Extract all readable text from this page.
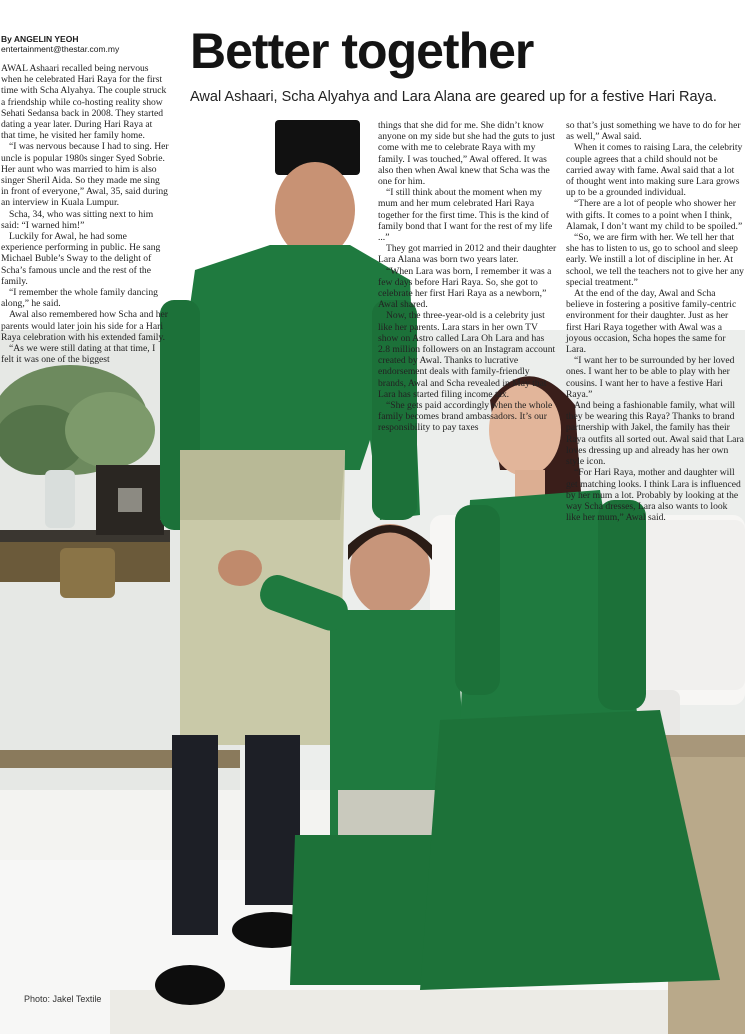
By ANGELIN YEOH
entertainment@thestar.com.my	Better together

Awal Ashaari, Scha Alyahya and Lara Alana are geared up for a festive Hari Raya.

AWAL Ashaari recalled being nervous when he celebrated Hari Raya for the first time with Scha Alyahya. The couple struck a friendship while co-hosting reality show Sehati Sedansa back in 2008. They started dating a year later. During Hari Raya at that time, he visited her family home.

“I was nervous because I had to sing. Her uncle is popular 1980s singer Syed Sobrie. Her aunt who was married to him is also singer Sheril Aida. So they made me sing in front of everyone,” Awal, 35, said during an interview in Kuala Lumpur.

Scha, 34, who was sitting next to him said: “I warned him!”

Luckily for Awal, he had some experience performing in public. He sang Michael Buble’s Sway to the delight of Scha’s famous uncle and the rest of the family.

“I remember the whole family dancing along,” he said.

Awal also remembered how Scha and her parents would later join his side for a Hari Raya celebration with his extended family.

“As we were still dating at that time, I felt it was one of the biggest

things that she did for me. She didn’t know anyone on my side but she had the guts to just come with me to celebrate Raya with my family. I was touched,” Awal offered. It was also then when Awal knew that Scha was the one for him.

“I still think about the moment when my mum and her mum celebrated Hari Raya together for the first time. This is the kind of family bond that I want for the rest of my life ...”

They got married in 2012 and their daughter Lara Alana was born two years later.

“When Lara was born, I remember it was a few days before Hari Raya. So, she got to celebrate her first Hari Raya as a newborn,” Awal shared.

Now, the three-year-old is a celebrity just like her parents. Lara stars in her own TV show on Astro called Lara Oh Lara and has 2.8 million followers on an Instagram account created by Awal. Thanks to lucrative endorsement deals with family-friendly brands, Awal and Scha revealed in May that Lara has started filing income tax.

“She gets paid accordingly when the whole family becomes brand ambassadors. It’s our responsibility to pay taxes

so that’s just something we have to do for her as well,” Awal said.

When it comes to raising Lara, the celebrity couple agrees that a child should not be carried away with fame. Awal said that a lot of thought went into making sure Lara grows up to be a grounded individual.

“There are a lot of people who shower her with gifts. It comes to a point when I think, Alamak, I don’t want my child to be spoiled.”

“So, we are firm with her. We tell her that she has to listen to us, go to school and sleep early. We instill a lot of discipline in her. At school, we tell the teachers not to give her any special treatment.”

At the end of the day, Awal and Scha believe in fostering a positive family-centric environment for their daughter. Just as her first Hari Raya together with Awal was a joyous occasion, Scha hopes the same for Lara.

“I want her to be surrounded by her loved ones. I want her to be able to play with her cousins. I want her to have a festive Hari Raya.”

And being a fashionable family, what will they be wearing this Raya? Thanks to brand partnership with Jakel, the family has their Raya outfits all sorted out. Awal said that Lara loves dressing up and already has her own style icon.

“For Hari Raya, mother and daughter will get matching looks. I think Lara is influenced by her mum a lot. Probably by looking at the way Scha dresses, Lara also wants to look like her mum,” Awal said.

Photo: Jakel Textile
